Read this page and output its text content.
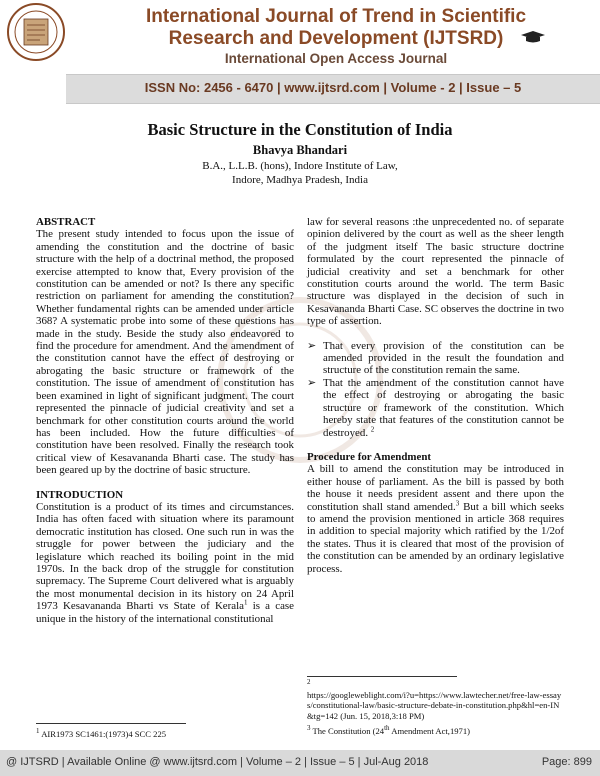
International Journal of Trend in Scientific
Research and Development (IJTSRD)
International Open Access Journal
ISSN No: 2456 - 6470 | www.ijtsrd.com | Volume - 2 | Issue – 5
Basic Structure in the Constitution of India
Bhavya Bhandari
B.A., L.L.B. (hons), Indore Institute of Law,
Indore, Madhya Pradesh, India

ABSTRACT

The present study intended to focus upon the issue of amending the constitution and the doctrine of basic structure with the help of a doctrinal method, the proposed exercise attempted to know that, Every provision of the constitution can be amended or not? Is there any specific restriction on parliament for amending the constitution? Whether fundamental rights can be amended under article 368? A systematic probe into some of these questions has made in the study. Beside the study also endeavored to find the procedure for amendment. And the amendment of the constitution cannot have the effect of destroying or abrogating the basic structure or framework of the constitution. The issue of amendment of constitution has been examined in light of significant judgment. The court represented the pinnacle of judicial creativity and set a benchmark for other constitution courts around the world has been included. How the future difficulties of constitution have been resolved. Finally the research took critical view of Kesavananda Bharti case. The study has been geared up by the doctrine of basic structure.

INTRODUCTION

Constitution is a product of its times and circumstances. India has often faced with situation where its paramount democratic institution has closed. One such run in was the struggle for power between the judiciary and the legislature which reached its boiling point in the mid 1970s. In the back drop of the struggle for constitution supremacy. The Supreme Court delivered what is arguably the most monumental decision in its history on 24 April 1973 Kesavananda Bharti vs State of Kerala$^1$ is a case unique in the history of the international constitutional

$^1$ AIR1973 SC1461:(1973)4 SCC 225

law for several reasons :the unprecedented no. of separate opinion delivered by the court as well as the sheer length of the judgment itself The basic structure doctrine formulated by the court represented the pinnacle of judicial creativity and set a benchmark for other constitution courts around the world. The term Basic structure was displayed in the decision of such in Kesavananda Bharti Case. SC observes the doctrine in two type of assertion.

➢ That every provision of the constitution can be amended provided in the result the foundation and structure of the constitution remain the same.
➢ That the amendment of the constitution cannot have the effect of destroying or abrogating the basic structure or framework of the constitution. Which hereby state that features of the constitution cannot be destroyed. $^2$

Procedure for Amendment

A bill to amend the constitution may be introduced in either house of parliament. As the bill is passed by both the house it needs president assent and there upon the constitution shall stand amended.$^3$ But a bill which seeks to amend the provision mentioned in article 368 requires in addition to special majority which ratified by the 1/2of the states. Thus it is cleared that most of the provision of the constitution can be amended by an ordinary legislative process.

$^2$
https://googleweblight.com/i?u=https://www.lawtecher.net/free-law-essays/constitutional-law/basic-structure-debate-in-constitution.php&hl=en-IN&tg=142 (Jun. 15, 2018,3:18 PM)
$^3$ The Constitution (24th Amendment Act,1971)
@ IJTSRD | Available Online @ www.ijtsrd.com | Volume – 2 | Issue – 5 | Jul-Aug 2018	Page: 899
